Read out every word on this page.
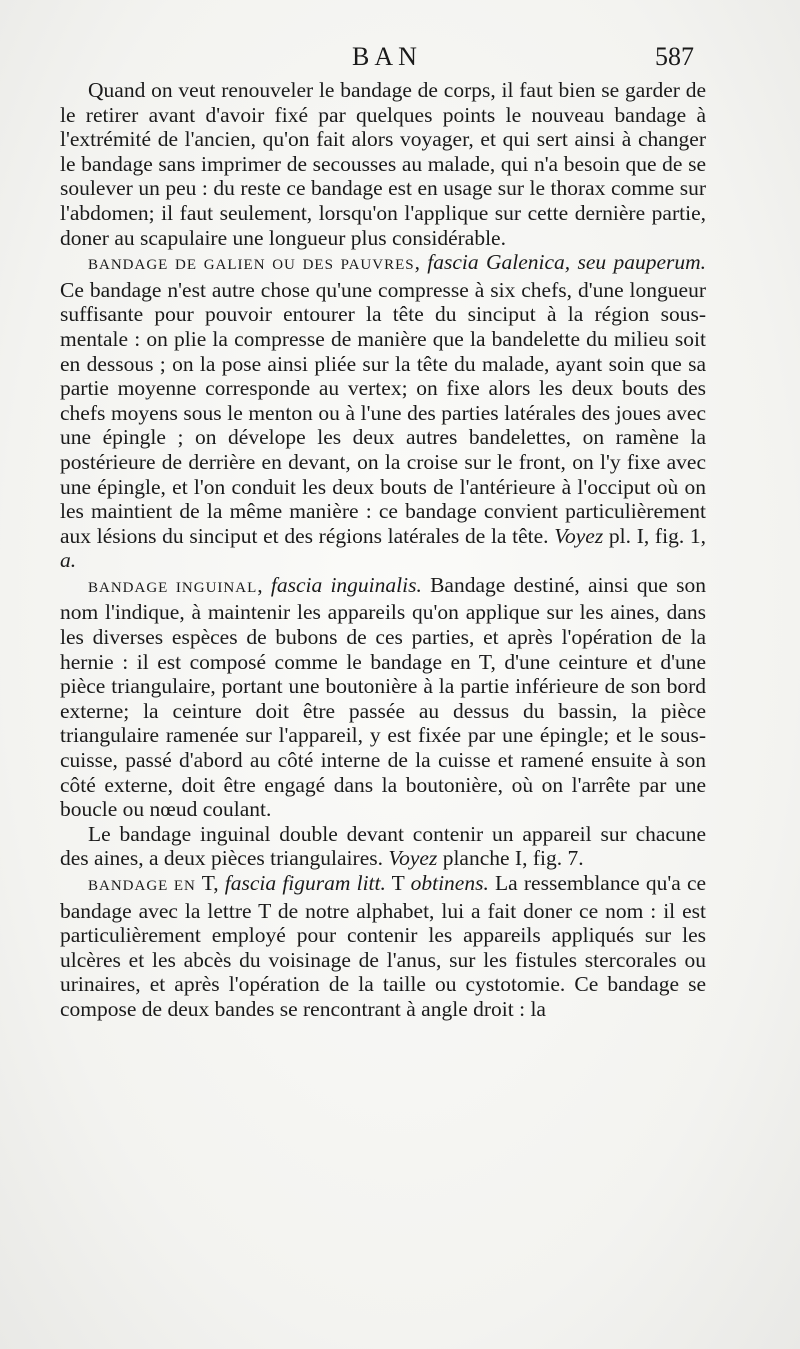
BAN	587

Quand on veut renouveler le bandage de corps, il faut bien se garder de le retirer avant d'avoir fixé par quelques points le nouveau bandage à l'extrémité de l'ancien, qu'on fait alors voyager, et qui sert ainsi à changer le bandage sans imprimer de secousses au malade, qui n'a besoin que de se soulever un peu : du reste ce bandage est en usage sur le thorax comme sur l'abdomen; il faut seulement, lorsqu'on l'applique sur cette dernière partie, doner au scapulaire une longueur plus considérable.

BANDAGE DE GALIEN OU DES PAUVRES, fascia Galenica, seu pauperum. Ce bandage n'est autre chose qu'une compresse à six chefs, d'une longueur suffisante pour pouvoir entourer la tête du sinciput à la région sous-mentale : on plie la compresse de manière que la bandelette du milieu soit en dessous ; on la pose ainsi pliée sur la tête du malade, ayant soin que sa partie moyenne corresponde au vertex; on fixe alors les deux bouts des chefs moyens sous le menton ou à l'une des parties latérales des joues avec une épingle ; on dévelope les deux autres bandelettes, on ramène la postérieure de derrière en devant, on la croise sur le front, on l'y fixe avec une épingle, et l'on conduit les deux bouts de l'antérieure à l'occiput où on les maintient de la même manière : ce bandage convient particulièrement aux lésions du sinciput et des régions latérales de la tête. Voyez pl. I, fig. 1, a.

BANDAGE INGUINAL, fascia inguinalis. Bandage destiné, ainsi que son nom l'indique, à maintenir les appareils qu'on applique sur les aines, dans les diverses espèces de bubons de ces parties, et après l'opération de la hernie : il est composé comme le bandage en T, d'une ceinture et d'une pièce triangulaire, portant une boutonière à la partie inférieure de son bord externe; la ceinture doit être passée au dessus du bassin, la pièce triangulaire ramenée sur l'appareil, y est fixée par une épingle; et le sous-cuisse, passé d'abord au côté interne de la cuisse et ramené ensuite à son côté externe, doit être engagé dans la boutonière, où on l'arrête par une boucle ou nœud coulant.

Le bandage inguinal double devant contenir un appareil sur chacune des aines, a deux pièces triangulaires. Voyez planche I, fig. 7.

BANDAGE EN T, fascia figuram litt. T obtinens. La ressemblance qu'a ce bandage avec la lettre T de notre alphabet, lui a fait doner ce nom : il est particulièrement employé pour contenir les appareils appliqués sur les ulcères et les abcès du voisinage de l'anus, sur les fistules stercorales ou urinaires, et après l'opération de la taille ou cystotomie. Ce bandage se compose de deux bandes se rencontrant à angle droit : la
